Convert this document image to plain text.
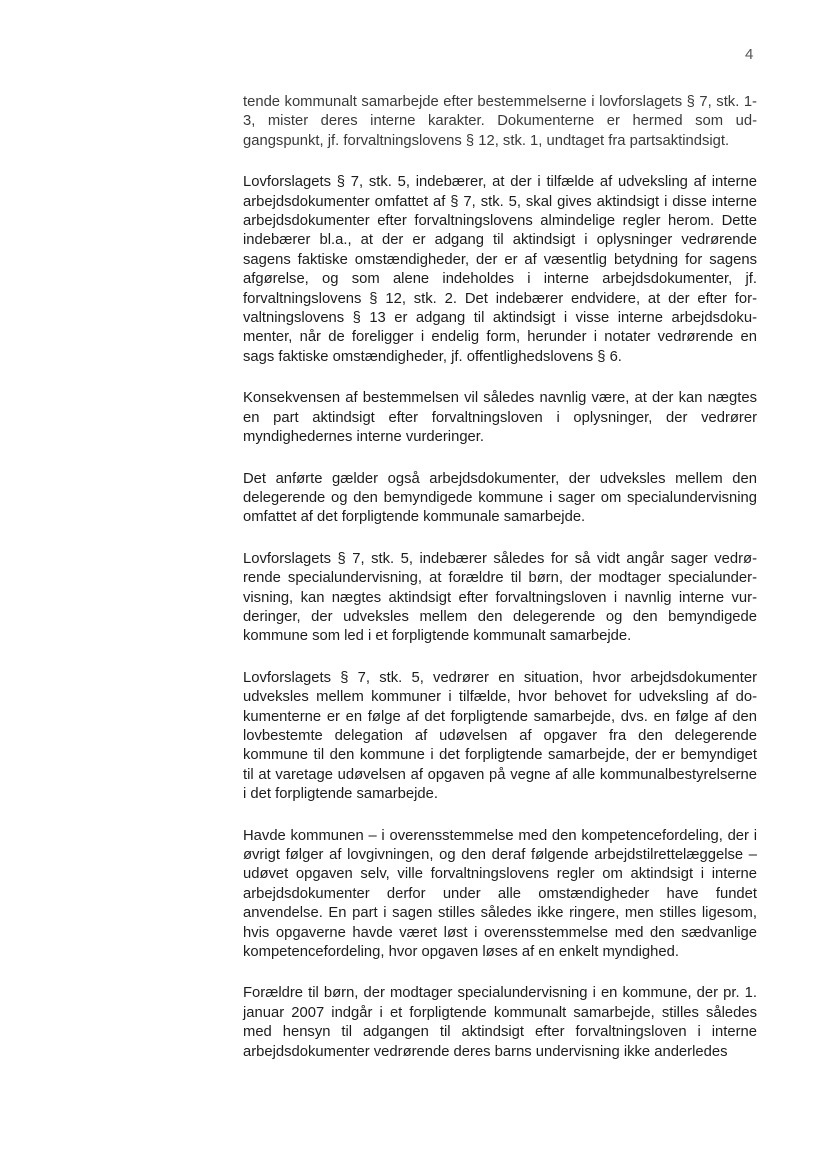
4

tende kommunalt samarbejde efter bestemmelserne i lovforslagets § 7, stk. 1-3, mister deres interne karakter. Dokumenterne er hermed som udgangspunkt, jf. forvaltningslovens § 12, stk. 1, undtaget fra partsaktindsigt.

Lovforslagets § 7, stk. 5, indebærer, at der i tilfælde af udveksling af interne arbejdsdokumenter omfattet af § 7, stk. 5, skal gives aktindsigt i disse interne arbejdsdokumenter efter forvaltningslovens almindelige regler herom. Dette indebærer bl.a., at der er adgang til aktindsigt i oplysninger vedrørende sagens faktiske omstændigheder, der er af væsentlig betydning for sagens afgørelse, og som alene indeholdes i interne arbejdsdokumenter, jf. forvaltningslovens § 12, stk. 2. Det indebærer endvidere, at der efter forvaltningslovens § 13 er adgang til aktindsigt i visse interne arbejdsdokumenter, når de foreligger i endelig form, herunder i notater vedrørende en sags faktiske omstændigheder, jf. offentlighedslovens § 6.

Konsekvensen af bestemmelsen vil således navnlig være, at der kan nægtes en part aktindsigt efter forvaltningsloven i oplysninger, der vedrører myndighedernes interne vurderinger.

Det anførte gælder også arbejdsdokumenter, der udveksles mellem den delegerende og den bemyndigede kommune i sager om specialundervisning omfattet af det forpligtende kommunale samarbejde.

Lovforslagets § 7, stk. 5, indebærer således for så vidt angår sager vedrørende specialundervisning, at forældre til børn, der modtager specialundervisning, kan nægtes aktindsigt efter forvaltningsloven i navnlig interne vurderinger, der udveksles mellem den delegerende og den bemyndigede kommune som led i et forpligtende kommunalt samarbejde.

Lovforslagets § 7, stk. 5, vedrører en situation, hvor arbejdsdokumenter udveksles mellem kommuner i tilfælde, hvor behovet for udveksling af dokumenterne er en følge af det forpligtende samarbejde, dvs. en følge af den lovbestemte delegation af udøvelsen af opgaver fra den delegerende kommune til den kommune i det forpligtende samarbejde, der er bemyndiget til at varetage udøvelsen af opgaven på vegne af alle kommunalbestyrelserne i det forpligtende samarbejde.

Havde kommunen – i overensstemmelse med den kompetencefordeling, der i øvrigt følger af lovgivningen, og den deraf følgende arbejdstilrettelæggelse – udøvet opgaven selv, ville forvaltningslovens regler om aktindsigt i interne arbejdsdokumenter derfor under alle omstændigheder have fundet anvendelse. En part i sagen stilles således ikke ringere, men stilles ligesom, hvis opgaverne havde været løst i overensstemmelse med den sædvanlige kompetencefordeling, hvor opgaven løses af en enkelt myndighed.

Forældre til børn, der modtager specialundervisning i en kommune, der pr. 1. januar 2007 indgår i et forpligtende kommunalt samarbejde, stilles således med hensyn til adgangen til aktindsigt efter forvaltningsloven i interne arbejdsdokumenter vedrørende deres barns undervisning ikke anderledes
